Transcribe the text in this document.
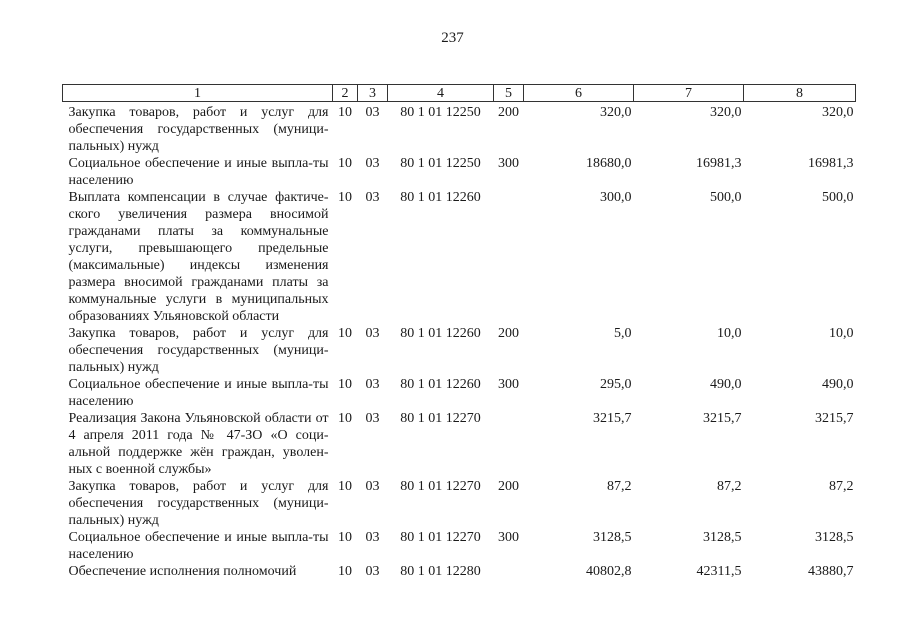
237
1	2	3	4	5	6	7	8

Закупка товаров, работ и услуг для обеспечения государственных (муници-пальных) нужд	10	03	80 1 01 12250	200	320,0	320,0	320,0
Социальное обеспечение и иные выпла-ты населению	10	03	80 1 01 12250	300	18680,0	16981,3	16981,3
Выплата компенсации в случае фактиче-ского увеличения размера вносимой гражданами платы за коммунальные услуги, превышающего предельные (максимальные) индексы изменения размера вносимой гражданами платы за коммунальные услуги в муниципальных образованиях Ульяновской области	10	03	80 1 01 12260		300,0	500,0	500,0
Закупка товаров, работ и услуг для обеспечения государственных (муници-пальных) нужд	10	03	80 1 01 12260	200	5,0	10,0	10,0
Социальное обеспечение и иные выпла-ты населению	10	03	80 1 01 12260	300	295,0	490,0	490,0
Реализация Закона Ульяновской области от 4 апреля 2011 года № 47-ЗО «О соци-альной поддержке жён граждан, уволен-ных с военной службы»	10	03	80 1 01 12270		3215,7	3215,7	3215,7
Закупка товаров, работ и услуг для обеспечения государственных (муници-пальных) нужд	10	03	80 1 01 12270	200	87,2	87,2	87,2
Социальное обеспечение и иные выпла-ты населению	10	03	80 1 01 12270	300	3128,5	3128,5	3128,5
Обеспечение исполнения полномочий	10	03	80 1 01 12280		40802,8	42311,5	43880,7
